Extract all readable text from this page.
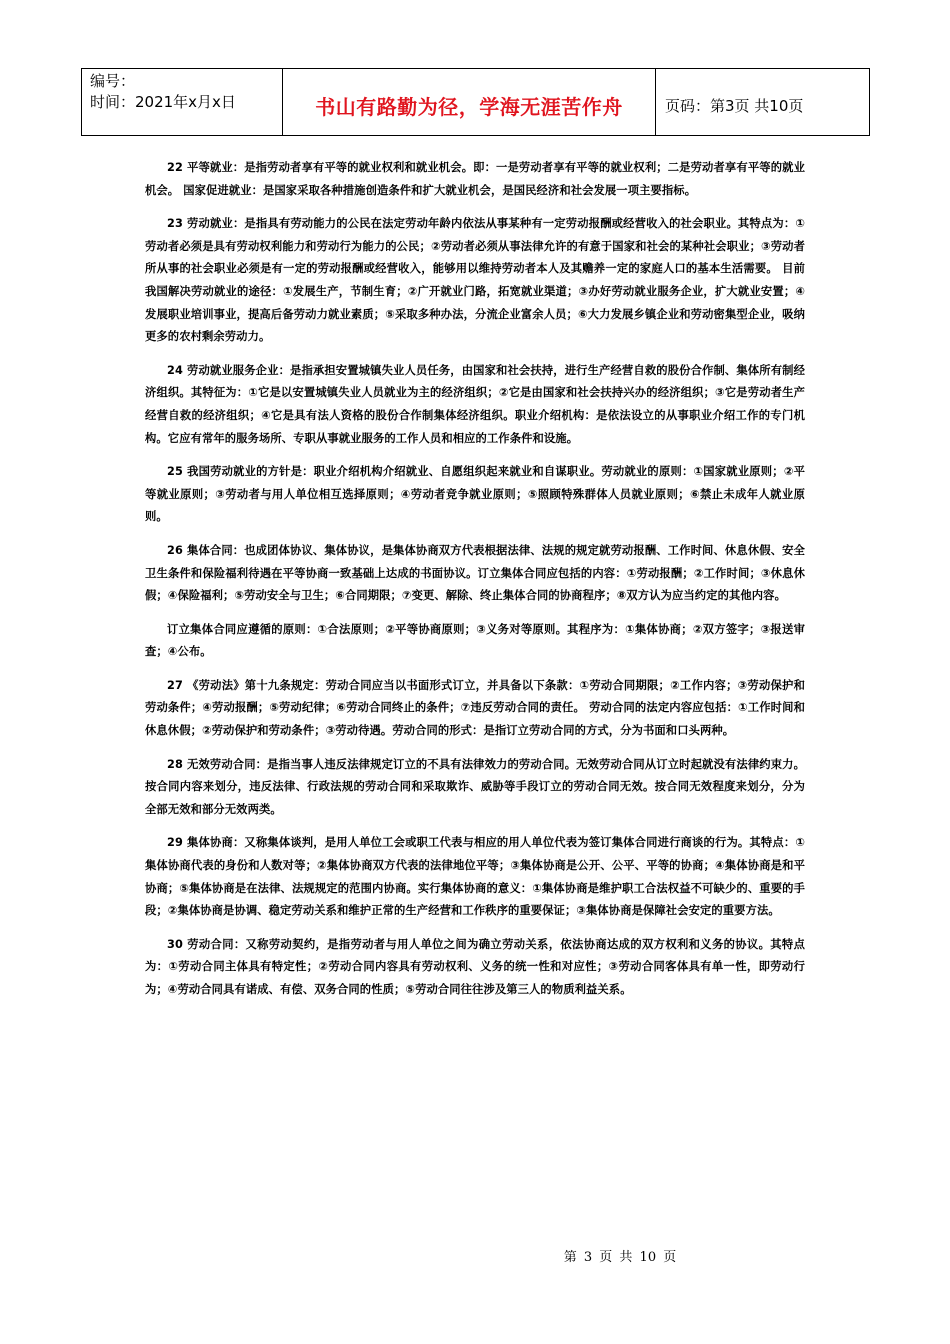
编号：
时间：2021年x月x日	书山有路勤为径，学海无涯苦作舟	页码：第3页 共10页

22 平等就业：是指劳动者享有平等的就业权利和就业机会。即：一是劳动者享有平等的就业权利；二是劳动者享有平等的就业机会。 国家促进就业：是国家采取各种措施创造条件和扩大就业机会，是国民经济和社会发展一项主要指标。

23 劳动就业：是指具有劳动能力的公民在法定劳动年龄内依法从事某种有一定劳动报酬或经营收入的社会职业。其特点为：①劳动者必须是具有劳动权利能力和劳动行为能力的公民；②劳动者必须从事法律允许的有意于国家和社会的某种社会职业；③劳动者所从事的社会职业必须是有一定的劳动报酬或经营收入，能够用以维持劳动者本人及其赡养一定的家庭人口的基本生活需要。 目前我国解决劳动就业的途径：①发展生产，节制生育；②广开就业门路，拓宽就业渠道；③办好劳动就业服务企业，扩大就业安置；④发展职业培训事业，提高后备劳动力就业素质；⑤采取多种办法，分流企业富余人员；⑥大力发展乡镇企业和劳动密集型企业，吸纳更多的农村剩余劳动力。

24 劳动就业服务企业：是指承担安置城镇失业人员任务，由国家和社会扶持，进行生产经营自救的股份合作制、集体所有制经济组织。其特征为：①它是以安置城镇失业人员就业为主的经济组织；②它是由国家和社会扶持兴办的经济组织；③它是劳动者生产经营自救的经济组织；④它是具有法人资格的股份合作制集体经济组织。职业介绍机构：是依法设立的从事职业介绍工作的专门机构。它应有常年的服务场所、专职从事就业服务的工作人员和相应的工作条件和设施。

25 我国劳动就业的方针是：职业介绍机构介绍就业、自愿组织起来就业和自谋职业。劳动就业的原则：①国家就业原则；②平等就业原则；③劳动者与用人单位相互选择原则；④劳动者竞争就业原则；⑤照顾特殊群体人员就业原则；⑥禁止未成年人就业原则。

26 集体合同：也成团体协议、集体协议，是集体协商双方代表根据法律、法规的规定就劳动报酬、工作时间、休息休假、安全卫生条件和保险福利待遇在平等协商一致基础上达成的书面协议。订立集体合同应包括的内容：①劳动报酬；②工作时间；③休息休假；④保险福利；⑤劳动安全与卫生；⑥合同期限；⑦变更、解除、终止集体合同的协商程序；⑧双方认为应当约定的其他内容。

订立集体合同应遵循的原则：①合法原则；②平等协商原则；③义务对等原则。其程序为：①集体协商；②双方签字；③报送审查；④公布。

27 《劳动法》第十九条规定：劳动合同应当以书面形式订立，并具备以下条款：①劳动合同期限；②工作内容；③劳动保护和劳动条件；④劳动报酬；⑤劳动纪律；⑥劳动合同终止的条件；⑦违反劳动合同的责任。 劳动合同的法定内容应包括：①工作时间和休息休假；②劳动保护和劳动条件；③劳动待遇。劳动合同的形式：是指订立劳动合同的方式，分为书面和口头两种。

28 无效劳动合同：是指当事人违反法律规定订立的不具有法律效力的劳动合同。无效劳动合同从订立时起就没有法律约束力。按合同内容来划分，违反法律、行政法规的劳动合同和采取欺诈、威胁等手段订立的劳动合同无效。按合同无效程度来划分，分为全部无效和部分无效两类。

29 集体协商：又称集体谈判，是用人单位工会或职工代表与相应的用人单位代表为签订集体合同进行商谈的行为。其特点：①集体协商代表的身份和人数对等；②集体协商双方代表的法律地位平等；③集体协商是公开、公平、平等的协商；④集体协商是和平协商；⑤集体协商是在法律、法规规定的范围内协商。实行集体协商的意义：①集体协商是维护职工合法权益不可缺少的、重要的手段；②集体协商是协调、稳定劳动关系和维护正常的生产经营和工作秩序的重要保证；③集体协商是保障社会安定的重要方法。

30 劳动合同：又称劳动契约，是指劳动者与用人单位之间为确立劳动关系，依法协商达成的双方权利和义务的协议。其特点为：①劳动合同主体具有特定性；②劳动合同内容具有劳动权利、义务的统一性和对应性；③劳动合同客体具有单一性，即劳动行为；④劳动合同具有诺成、有偿、双务合同的性质；⑤劳动合同往往涉及第三人的物质利益关系。

第 3 页 共 10 页
